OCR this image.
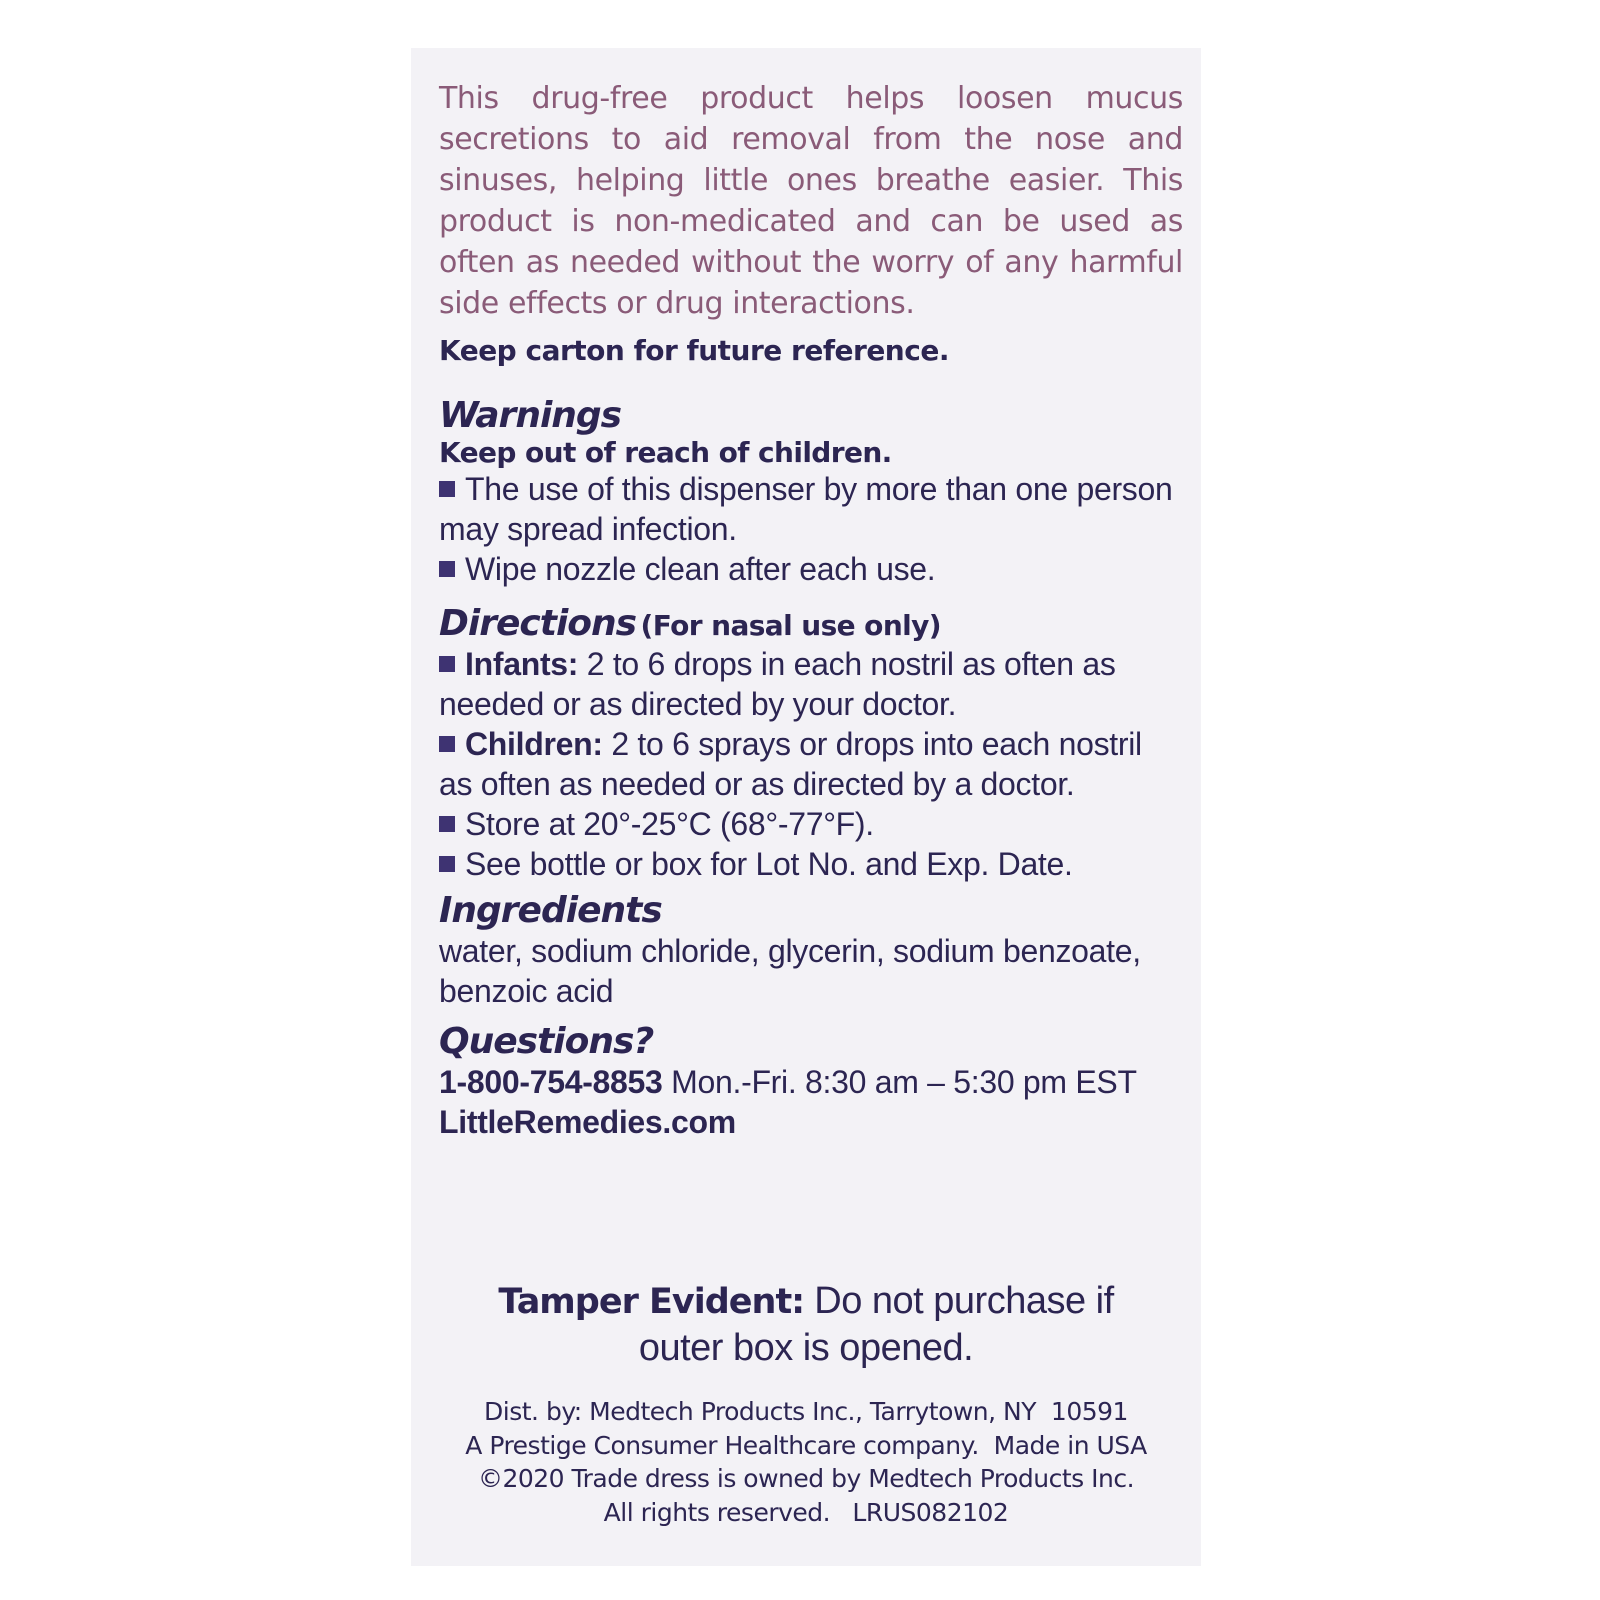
This drug-free product helps loosen mucus secretions to aid removal from the nose and sinuses, helping little ones breathe easier. This product is non-medicated and can be used as often as needed without the worry of any harmful side effects or drug interactions.

Keep carton for future reference.
Warnings
Keep out of reach of children.
The use of this dispenser by more than one person may spread infection.
Wipe nozzle clean after each use.
Directions (For nasal use only)
Infants: 2 to 6 drops in each nostril as often as needed or as directed by your doctor.
Children: 2 to 6 sprays or drops into each nostril as often as needed or as directed by a doctor.
Store at 20°-25°C (68°-77°F).
See bottle or box for Lot No. and Exp. Date.
Ingredients
water, sodium chloride, glycerin, sodium benzoate, benzoic acid
Questions?
1-800-754-8853 Mon.-Fri. 8:30 am – 5:30 pm EST
LittleRemedies.com
Tamper Evident: Do not purchase if
outer box is opened.
Dist. by: Medtech Products Inc., Tarrytown, NY  10591
A Prestige Consumer Healthcare company.  Made in USA
©2020 Trade dress is owned by Medtech Products Inc.
All rights reserved.   LRUS082102
